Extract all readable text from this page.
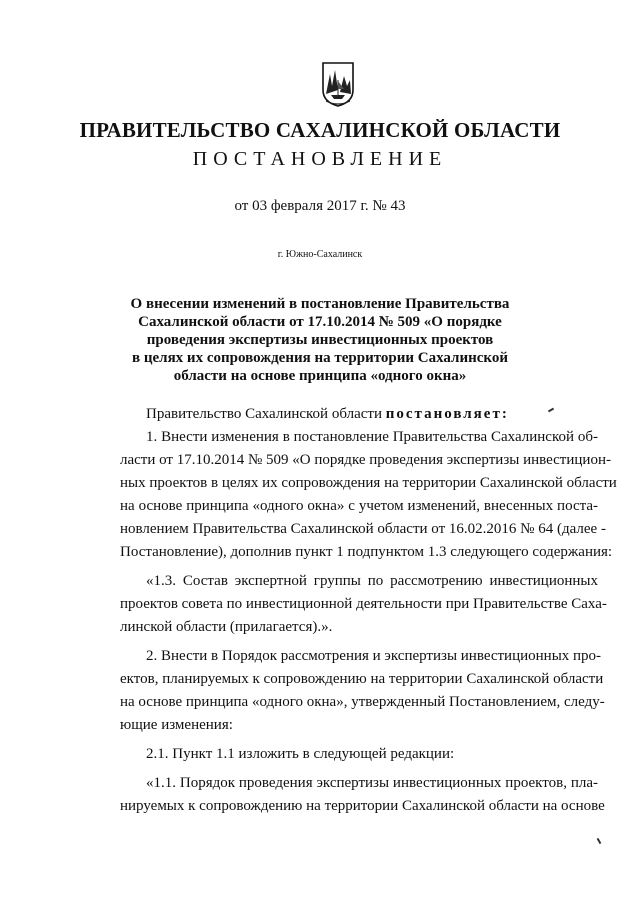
ПРАВИТЕЛЬСТВО САХАЛИНСКОЙ ОБЛАСТИ
ПОСТАНОВЛЕНИЕ
от 03 февраля 2017 г. № 43
г. Южно-Сахалинск
О внесении изменений в постановление Правительства
Сахалинской области от 17.10.2014 № 509 «О порядке
проведения экспертизы инвестиционных проектов
в целях их сопровождения на территории Сахалинской
области на основе принципа «одного окна»

Правительство Сахалинской области постановляет:

1. Внести изменения в постановление Правительства Сахалинской об-
ласти от 17.10.2014 № 509 «О порядке проведения экспертизы инвестицион-
ных проектов в целях их сопровождения на территории Сахалинской области
на основе принципа «одного окна» с учетом изменений, внесенных поста-
новлением Правительства Сахалинской области от 16.02.2016 № 64 (далее -
Постановление), дополнив пункт 1 подпунктом 1.3 следующего содержания:
«1.3. Состав экспертной группы по рассмотрению инвестиционных
проектов совета по инвестиционной деятельности при Правительстве Саха-
линской области (прилагается).».
2. Внести в Порядок рассмотрения и экспертизы инвестиционных про-
ектов, планируемых к сопровождению на территории Сахалинской области
на основе принципа «одного окна», утвержденный Постановлением, следу-
ющие изменения:
2.1. Пункт 1.1 изложить в следующей редакции:
«1.1. Порядок проведения экспертизы инвестиционных проектов, пла-
нируемых к сопровождению на территории Сахалинской области на основе
